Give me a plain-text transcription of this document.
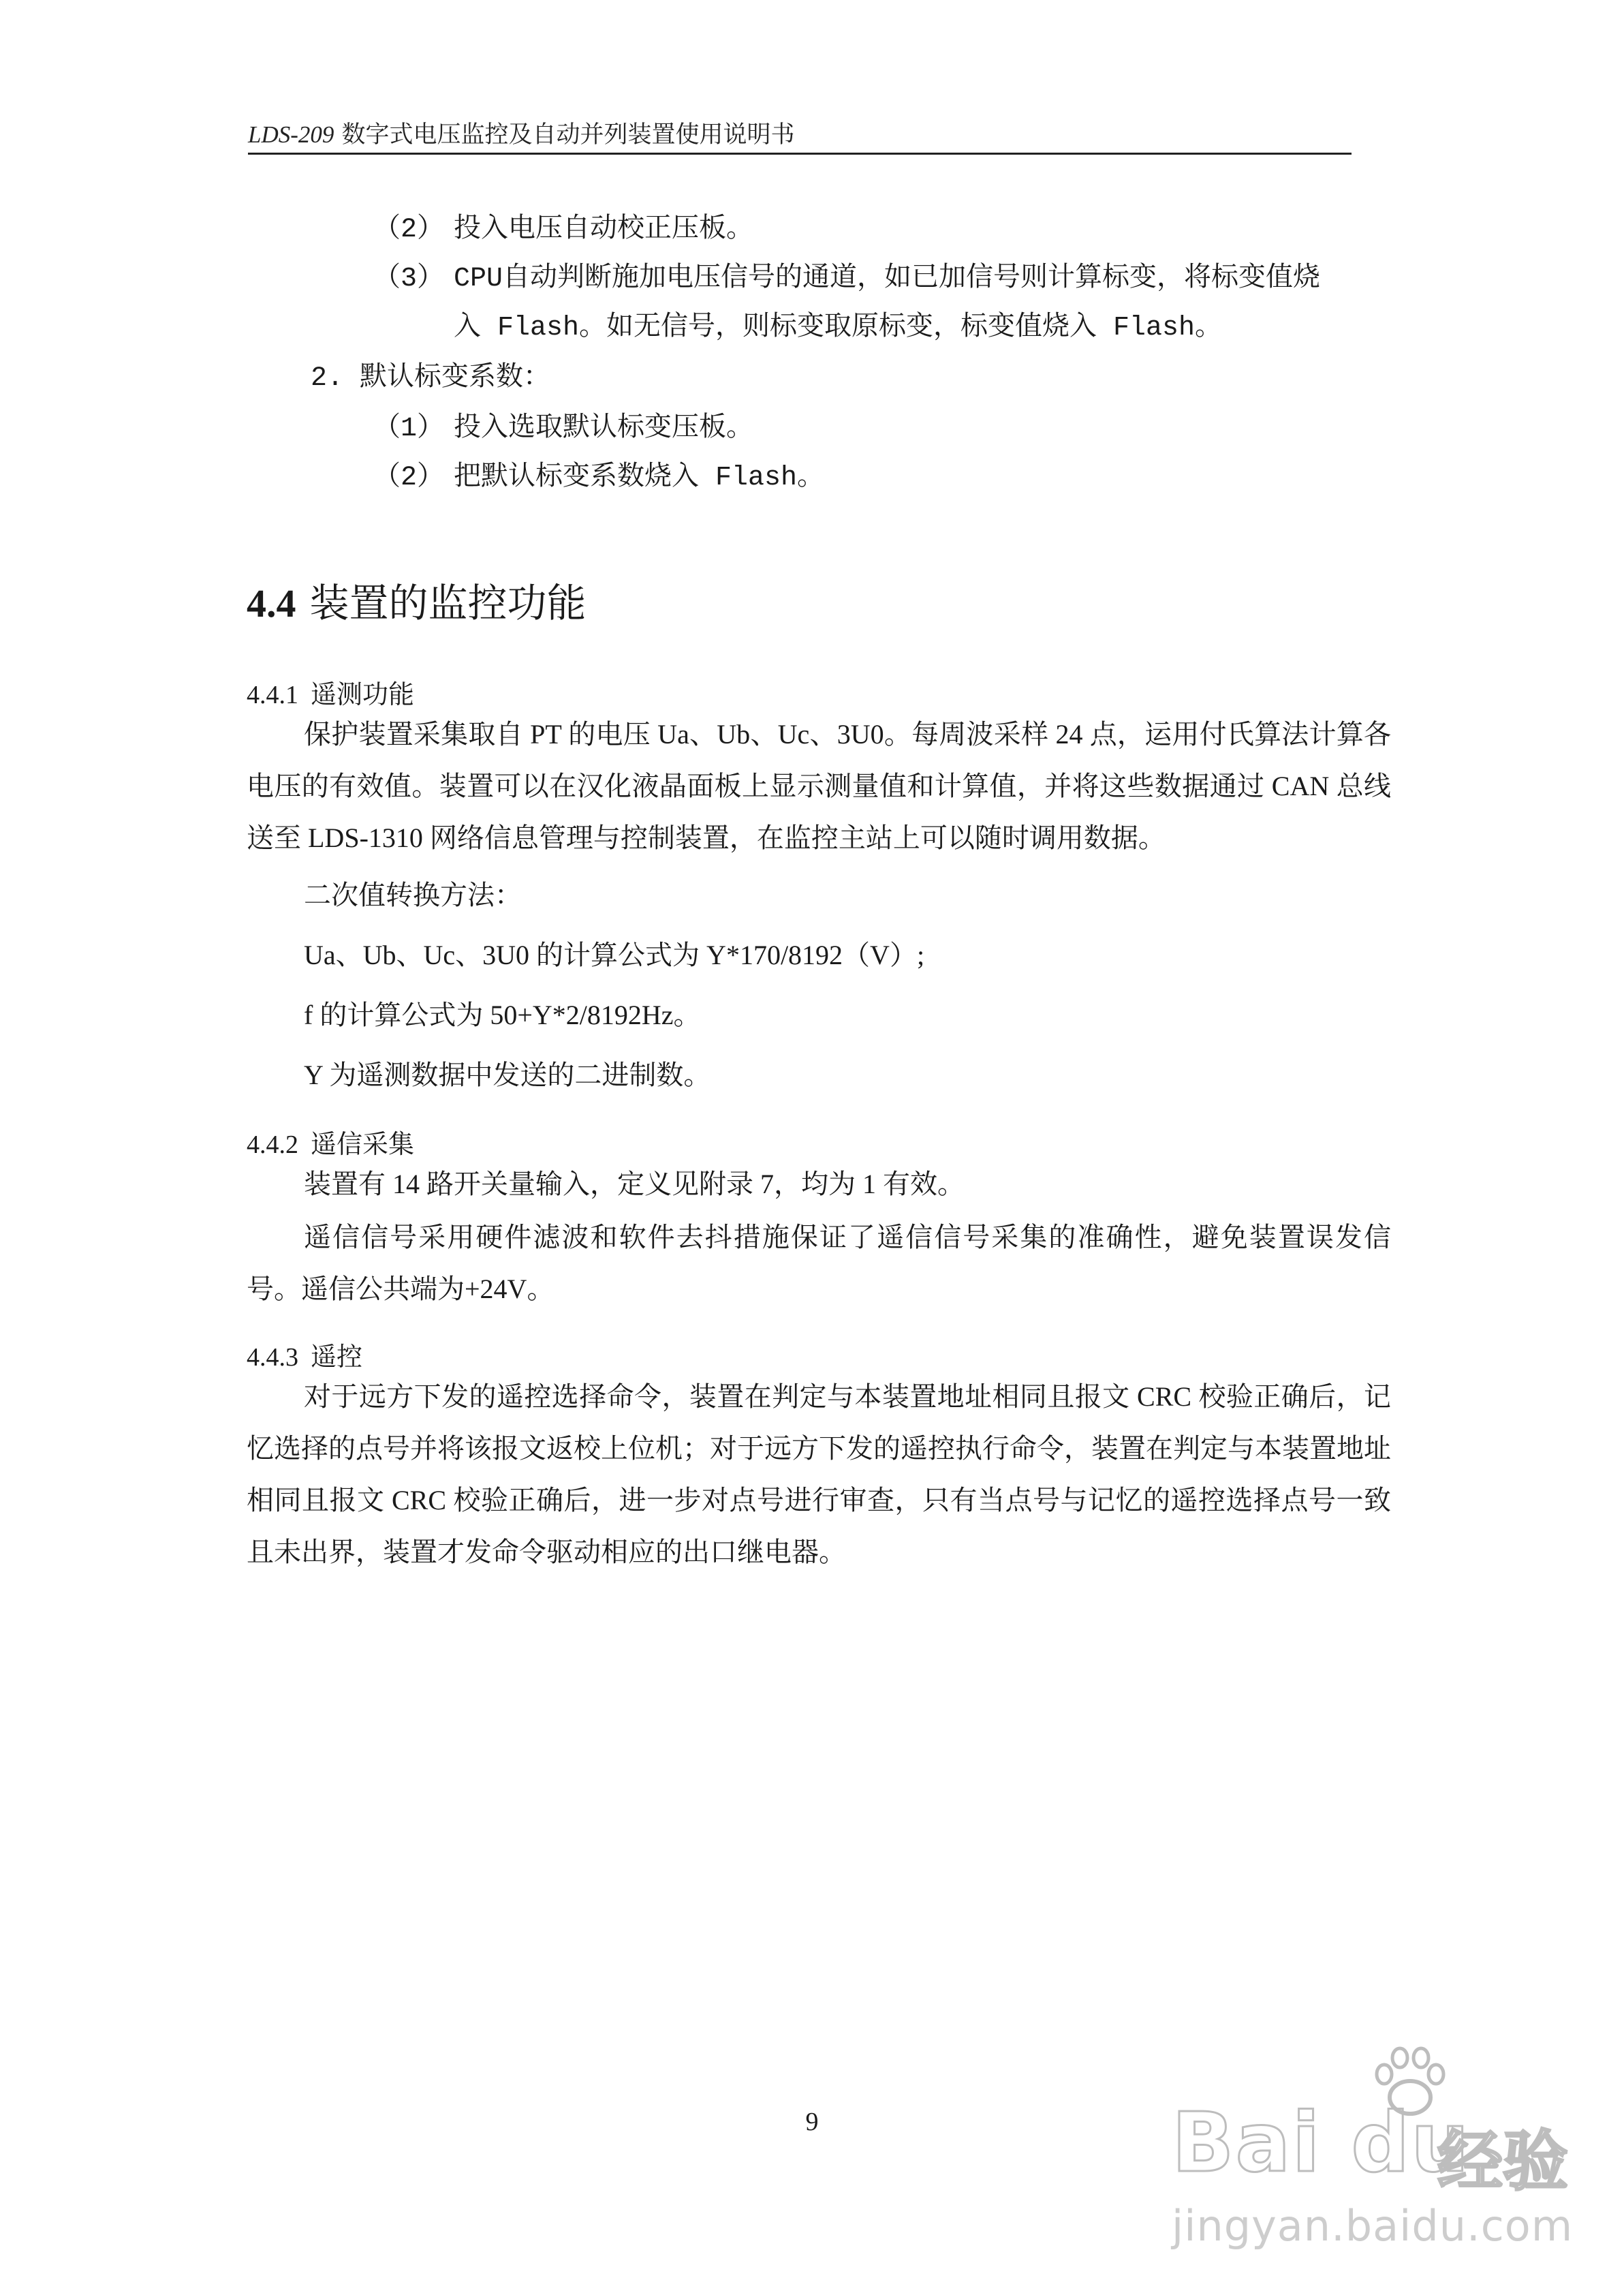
LDS-209 数字式电压监控及自动并列装置使用说明书
（2） 投入电压自动校正压板。
（3） CPU自动判断施加电压信号的通道，如已加信号则计算标变，将标变值烧
入 Flash。如无信号，则标变取原标变，标变值烧入 Flash。
2. 默认标变系数：
（1） 投入选取默认标变压板。
（2） 把默认标变系数烧入 Flash。
4.4 装置的监控功能
4.4.1 遥测功能
保护装置采集取自 PT 的电压 Ua、Ub、Uc、3U0。每周波采样 24 点，运用付氏算法计算各电压的有效值。装置可以在汉化液晶面板上显示测量值和计算值，并将这些数据通过 CAN 总线送至 LDS-1310 网络信息管理与控制装置，在监控主站上可以随时调用数据。
二次值转换方法：
Ua、Ub、Uc、3U0 的计算公式为 Y*170/8192（V）;
f 的计算公式为 50+Y*2/8192Hz。
Y 为遥测数据中发送的二进制数。
4.4.2 遥信采集
装置有 14 路开关量输入，定义见附录 7，均为 1 有效。
遥信信号采用硬件滤波和软件去抖措施保证了遥信信号采集的准确性，避免装置误发信号。遥信公共端为+24V。
4.4.3 遥控
对于远方下发的遥控选择命令，装置在判定与本装置地址相同且报文 CRC 校验正确后，记忆选择的点号并将该报文返校上位机；对于远方下发的遥控执行命令，装置在判定与本装置地址相同且报文 CRC 校验正确后，进一步对点号进行审查，只有当点号与记忆的遥控选择点号一致且未出界，装置才发命令驱动相应的出口继电器。
9	Bai du
经验
jingyan.baidu.com
